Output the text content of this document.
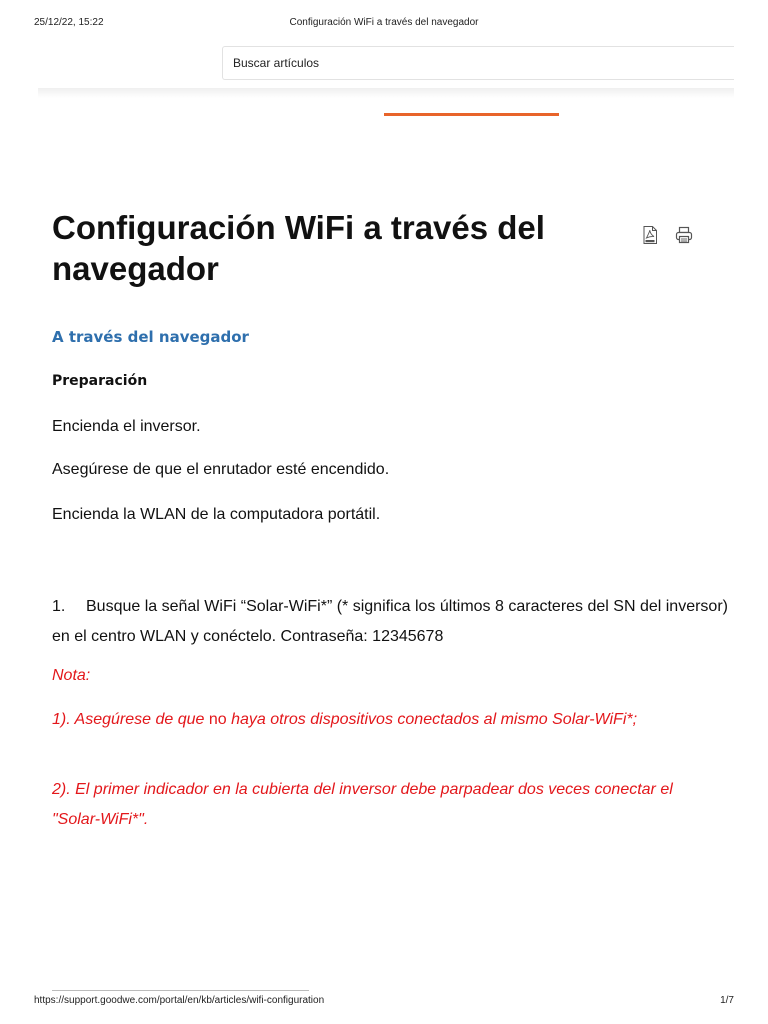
25/12/22, 15:22	Configuración WiFi a través del navegador
Buscar artículos
Configuración WiFi a través del navegador
A través del navegador
Preparación

Encienda el inversor.

Asegúrese de que el enrutador esté encendido.

Encienda la WLAN de la computadora portátil.

1.	Busque la señal WiFi “Solar-WiFi*” (* significa los últimos 8 caracteres del SN del inversor) en el centro WLAN y conéctelo. Contraseña: 12345678
Nota:
1). Asegúrese de que no haya otros dispositivos conectados al mismo Solar-WiFi*;
2). El primer indicador en la cubierta del inversor debe parpadear dos veces conectar el "Solar-WiFi*".
https://support.goodwe.com/portal/en/kb/articles/wifi-configuration	1/7
